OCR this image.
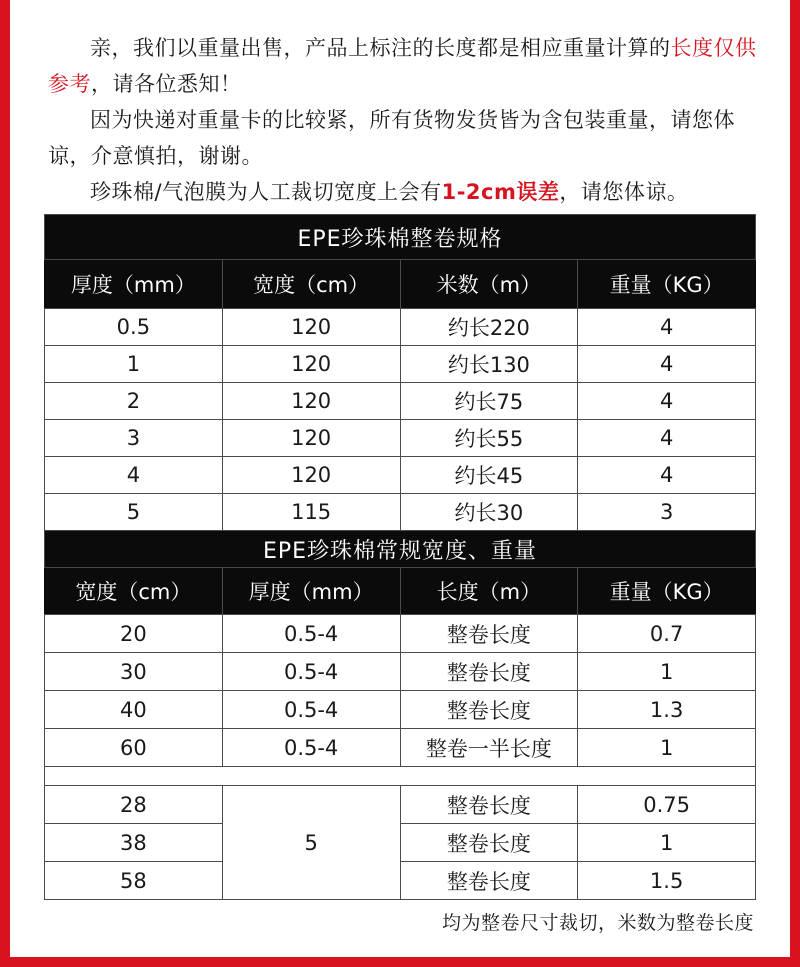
亲，我们以重量出售，产品上标注的长度都是相应重量计算的长度仅供参考，请各位悉知！

因为快递对重量卡的比较紧，所有货物发货皆为含包装重量，请您体谅，介意慎拍，谢谢。

珍珠棉/气泡膜为人工裁切宽度上会有1-2cm误差，请您体谅。

EPE珍珠棉整卷规格			
厚度（mm）	宽度（cm）	米数（m）	重量（KG）
0.5	120	约长220	4
1	120	约长130	4
2	120	约长75	4
3	120	约长55	4
4	120	约长45	4
5	115	约长30	3
EPE珍珠棉常规宽度、重量			
宽度（cm）	厚度（mm）	长度（m）	重量（KG）
20	0.5-4	整卷长度	0.7
30	0.5-4	整卷长度	1
40	0.5-4	整卷长度	1.3
60	0.5-4	整卷一半长度	1

28	5	整卷长度	0.75
38		整卷长度	1
58		整卷长度	1.5
均为整卷尺寸裁切，米数为整卷长度
